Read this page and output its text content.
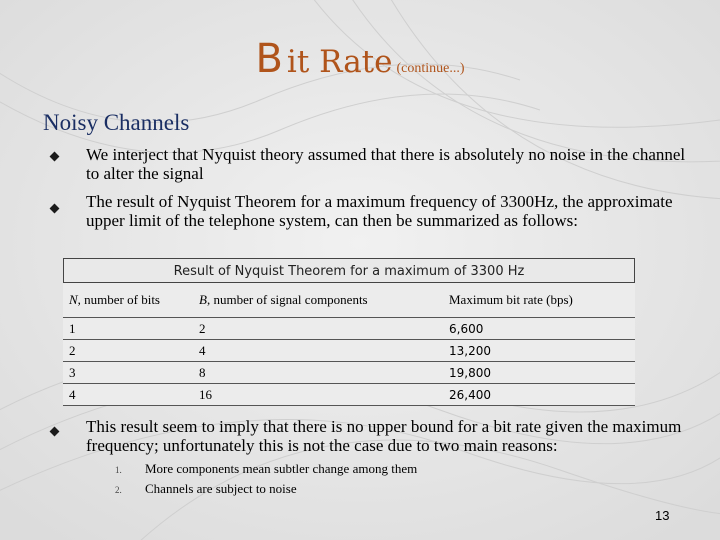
B it Rate (continue...)
Noisy Channels
We interject that Nyquist theory assumed that there is absolutely no noise in the channel to alter the signal
The result of Nyquist Theorem for a maximum frequency of 3300Hz, the approximate upper limit of the telephone system, can then be summarized as follows:
Result of Nyquist Theorem for a maximum of 3300 Hz
N, number of bits	B, number of signal components	Maximum bit rate (bps)
1	2	6,600
2	4	13,200
3	8	19,800
4	16	26,400
This result seem to imply that there is no upper bound for a bit rate given the maximum frequency; unfortunately this is not the case due to two main reasons:
1. More components mean subtler change among them
2. Channels are subject to noise
13
